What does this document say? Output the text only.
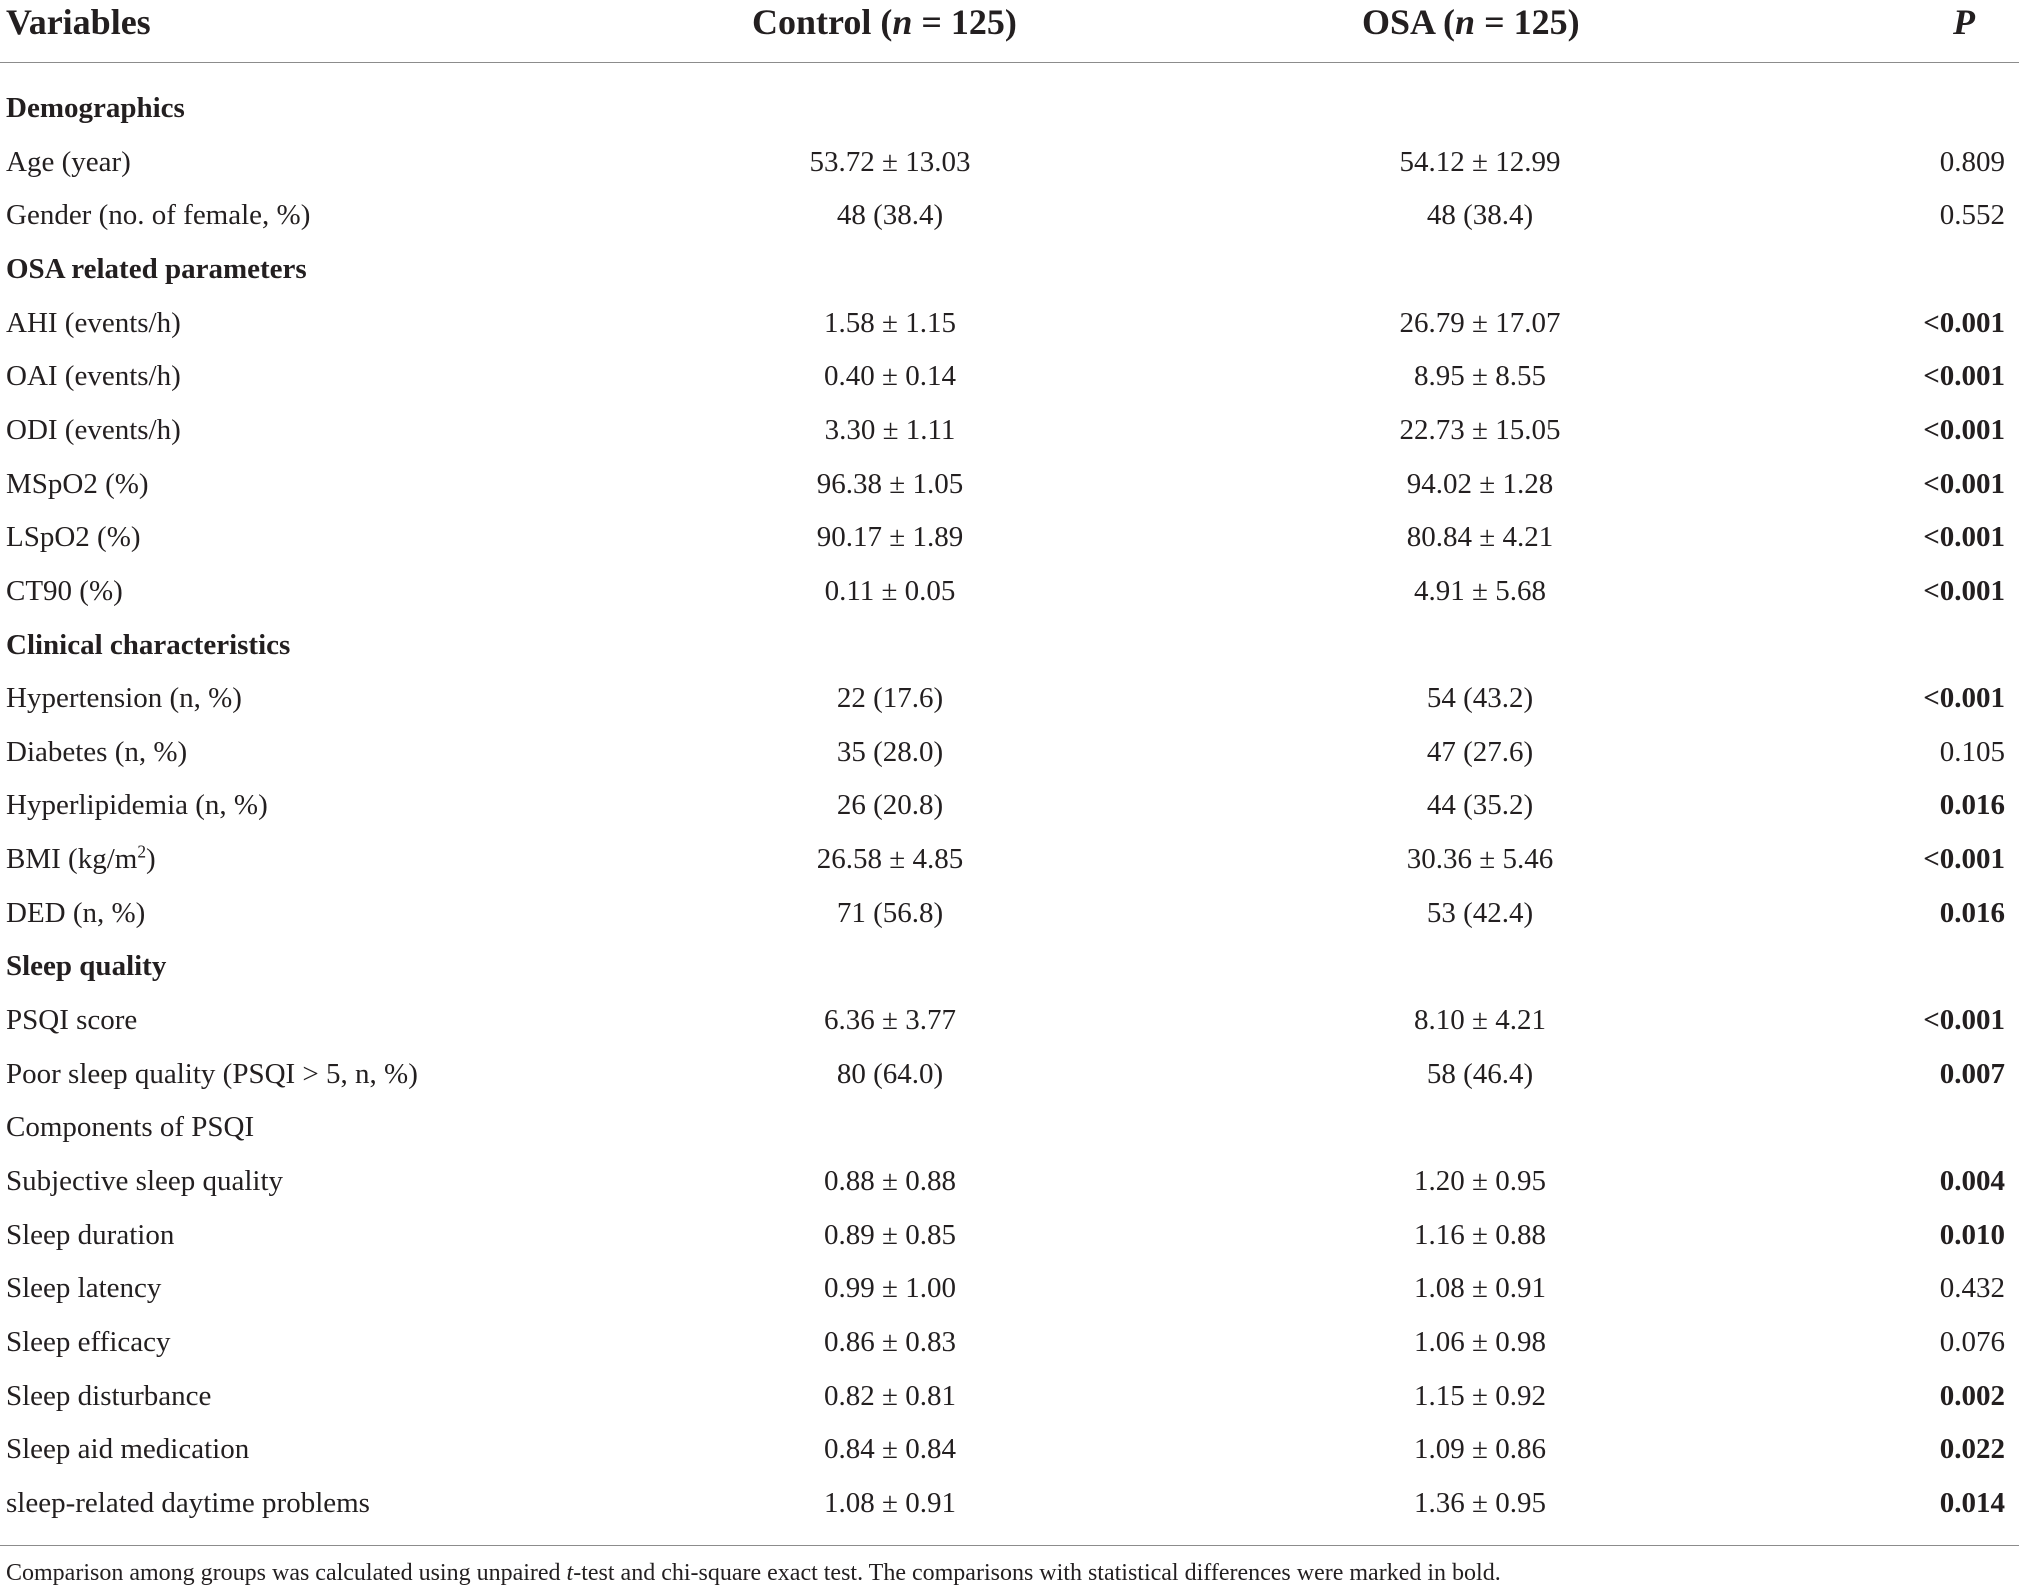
Variables	Control (n = 125)	OSA (n = 125)	P
Demographics
Age (year)	53.72 ± 13.03	54.12 ± 12.99	0.809
Gender (no. of female, %)	48 (38.4)	48 (38.4)	0.552
OSA related parameters
AHI (events/h)	1.58 ± 1.15	26.79 ± 17.07	<0.001
OAI (events/h)	0.40 ± 0.14	8.95 ± 8.55	<0.001
ODI (events/h)	3.30 ± 1.11	22.73 ± 15.05	<0.001
MSpO2 (%)	96.38 ± 1.05	94.02 ± 1.28	<0.001
LSpO2 (%)	90.17 ± 1.89	80.84 ± 4.21	<0.001
CT90 (%)	0.11 ± 0.05	4.91 ± 5.68	<0.001
Clinical characteristics
Hypertension (n, %)	22 (17.6)	54 (43.2)	<0.001
Diabetes (n, %)	35 (28.0)	47 (27.6)	0.105
Hyperlipidemia (n, %)	26 (20.8)	44 (35.2)	0.016
BMI $(kg/m^2)$	26.58 ± 4.85	30.36 ± 5.46	<0.001
DED (n, %)	71 (56.8)	53 (42.4)	0.016
Sleep quality
PSQI score	6.36 ± 3.77	8.10 ± 4.21	<0.001
Poor sleep quality (PSQI > 5, n, %)	80 (64.0)	58 (46.4)	0.007
Components of PSQI
Subjective sleep quality	0.88 ± 0.88	1.20 ± 0.95	0.004
Sleep duration	0.89 ± 0.85	1.16 ± 0.88	0.010
Sleep latency	0.99 ± 1.00	1.08 ± 0.91	0.432
Sleep efficacy	0.86 ± 0.83	1.06 ± 0.98	0.076
Sleep disturbance	0.82 ± 0.81	1.15 ± 0.92	0.002
Sleep aid medication	0.84 ± 0.84	1.09 ± 0.86	0.022
sleep-related daytime problems	1.08 ± 0.91	1.36 ± 0.95	0.014
Comparison among groups was calculated using unpaired t-test and chi-square exact test. The comparisons with statistical differences were marked in bold.
